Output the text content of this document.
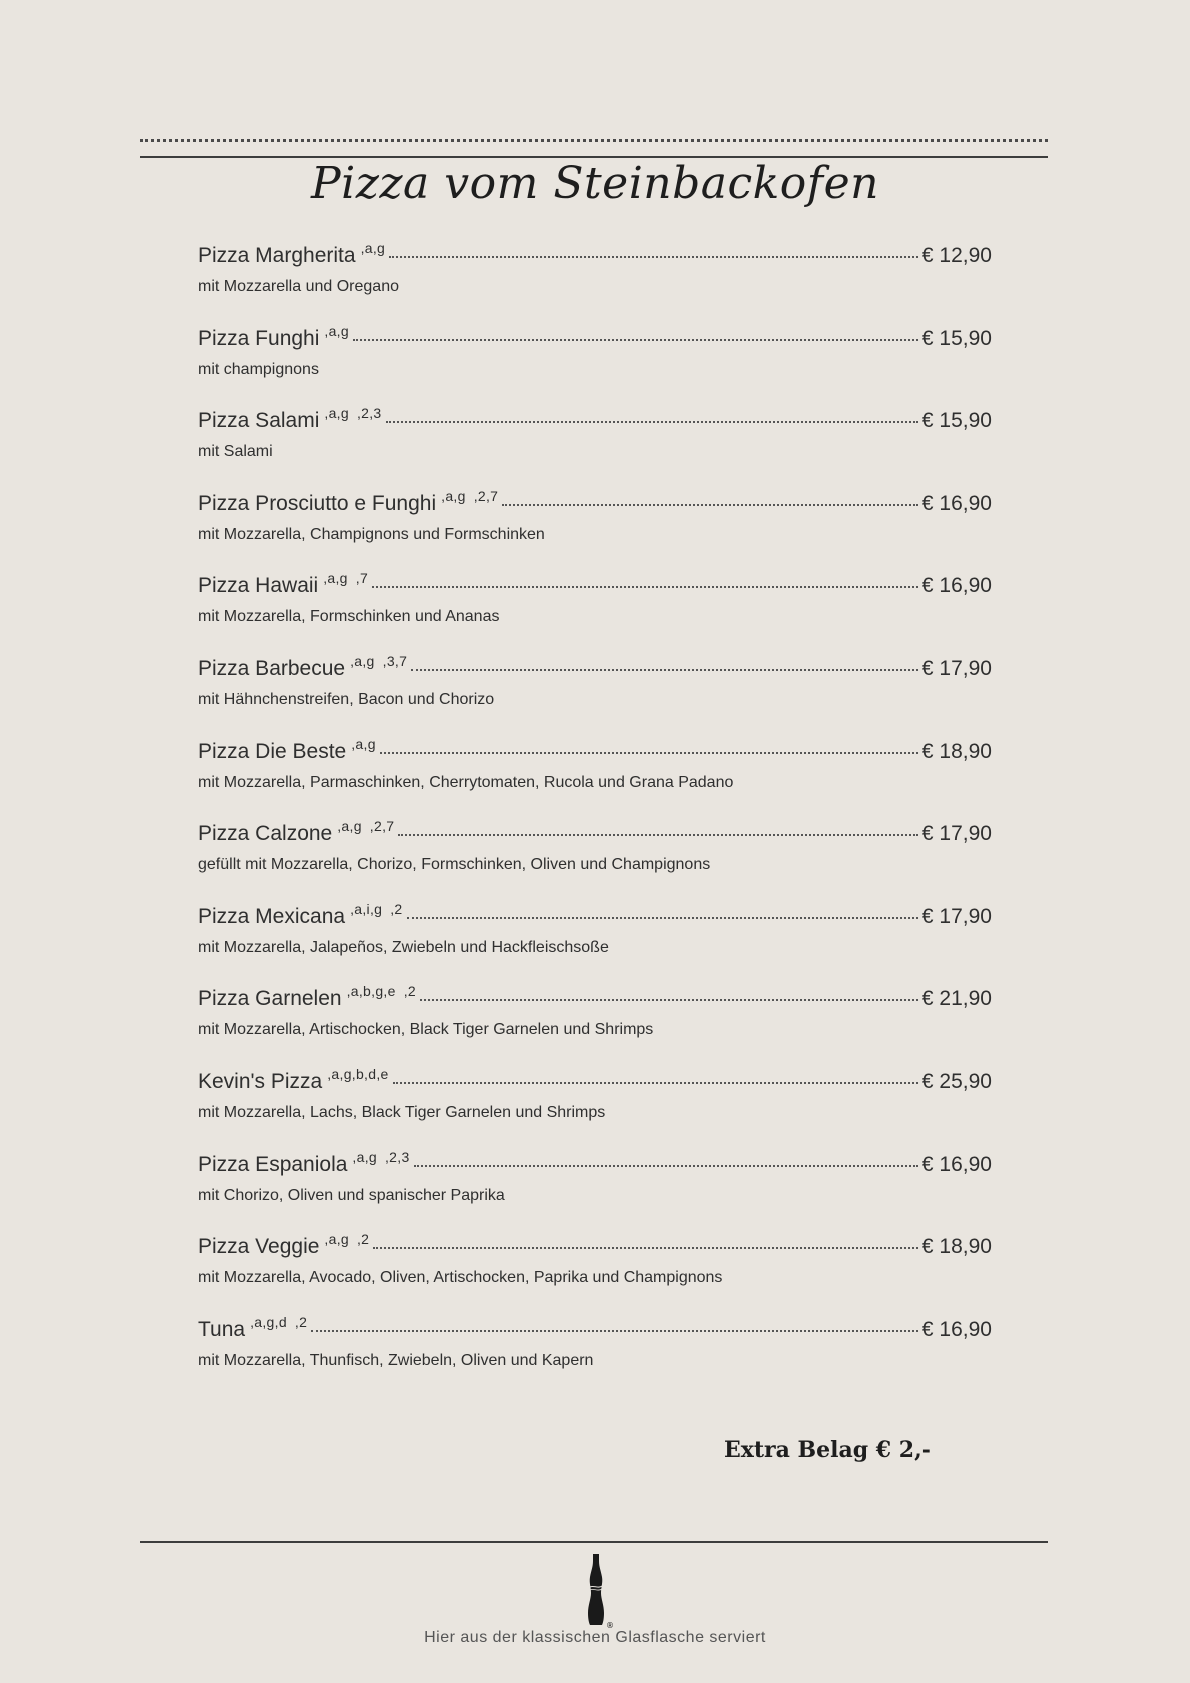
Pizza vom Steinbackofen
Pizza Margherita $^{,a,g}$	€ 12,90
mit Mozzarella und Oregano
Pizza Funghi $^{,a,g}$	€ 15,90
mit champignons
Pizza Salami $^{,a,g}$ $^{,2,3}$	€ 15,90
mit Salami
Pizza Prosciutto e Funghi $^{,a,g}$ $^{,2,7}$	€ 16,90
mit Mozzarella, Champignons und Formschinken
Pizza Hawaii $^{,a,g}$ $^{,7}$	€ 16,90
mit Mozzarella, Formschinken und Ananas
Pizza Barbecue $^{,a,g}$ $^{,3,7}$	€ 17,90
mit Hähnchenstreifen, Bacon und Chorizo
Pizza Die Beste $^{,a,g}$	€ 18,90
mit Mozzarella, Parmaschinken, Cherrytomaten, Rucola und Grana Padano
Pizza Calzone $^{,a,g}$ $^{,2,7}$	€ 17,90
gefüllt mit Mozzarella, Chorizo, Formschinken, Oliven und Champignons
Pizza Mexicana $^{,a,i,g}$ $^{,2}$	€ 17,90
mit Mozzarella, Jalapeños, Zwiebeln und Hackfleischsoße
Pizza Garnelen $^{,a,b,g,e}$ $^{,2}$	€ 21,90
mit Mozzarella, Artischocken, Black Tiger Garnelen und Shrimps
Kevin's Pizza $^{,a,g,b,d,e}$	€ 25,90
mit Mozzarella, Lachs, Black Tiger Garnelen und Shrimps
Pizza Espaniola $^{,a,g}$ $^{,2,3}$	€ 16,90
mit Chorizo, Oliven und spanischer Paprika
Pizza Veggie $^{,a,g}$ $^{,2}$	€ 18,90
mit Mozzarella, Avocado, Oliven, Artischocken, Paprika und Champignons
Tuna $^{,a,g,d}$ $^{,2}$	€ 16,90
mit Mozzarella, Thunfisch, Zwiebeln, Oliven und Kapern
Extra Belag € 2,-
®
Hier aus der klassischen Glasflasche serviert
